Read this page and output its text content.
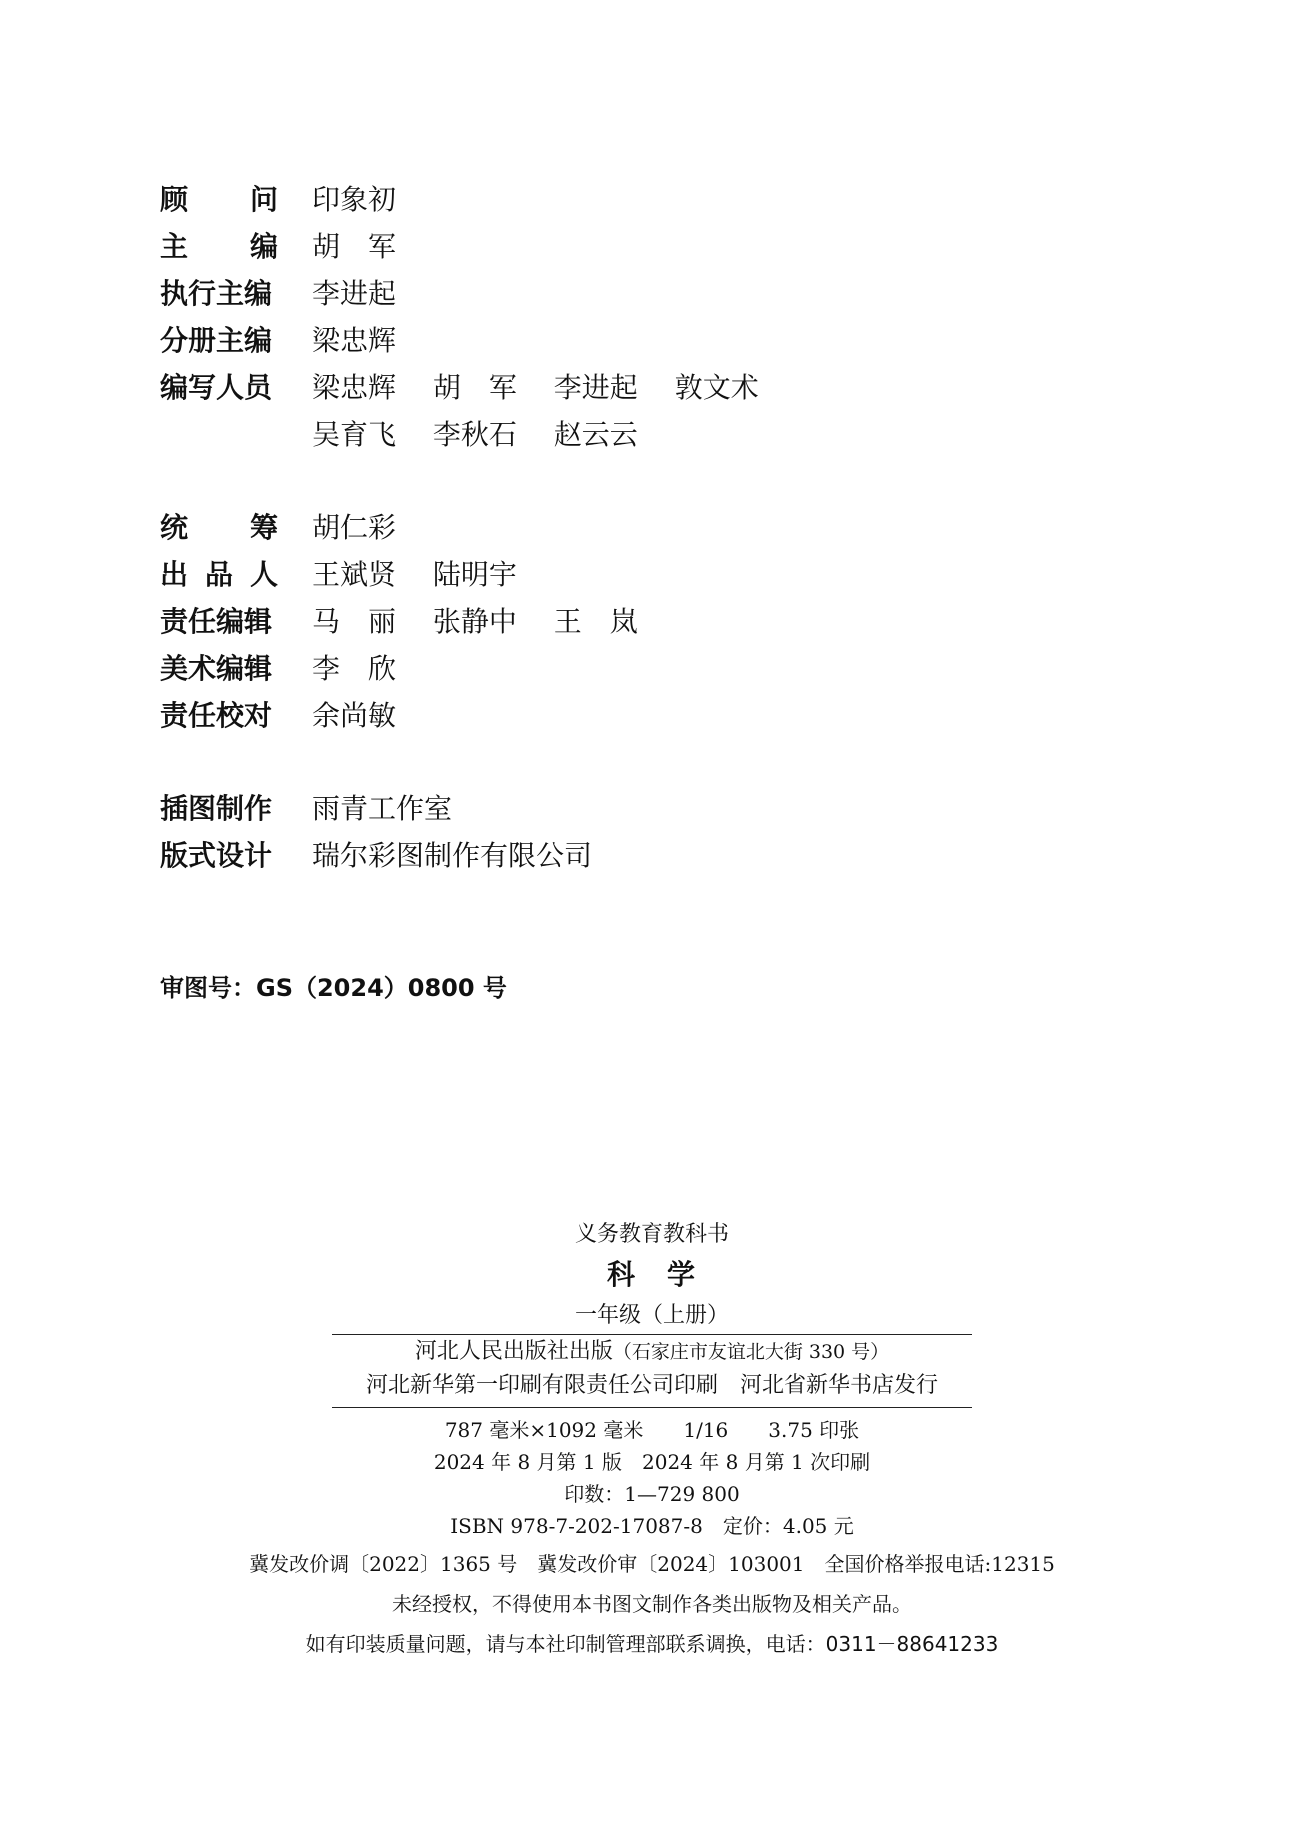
顾 问 印象初
主 编 胡　军
执行主编 李进起
分册主编 梁忠辉
编写人员 梁忠辉　 胡　军　 李进起　 敦文术
吴育飞　 李秋石　 赵云云
统 筹 胡仁彩
出 品 人 王斌贤　 陆明宇
责任编辑 马　丽　 张静中　 王　岚
美术编辑 李　欣
责任校对 余尚敏
插图制作 雨青工作室
版式设计 瑞尔彩图制作有限公司
审图号：GS（2024）0800 号
义务教育教科书
科　学
一年级（上册）
河北人民出版社出版（石家庄市友谊北大街 330 号）
河北新华第一印刷有限责任公司印刷　河北省新华书店发行
787 毫米×1092 毫米　　1/16　　3.75 印张
2024 年 8 月第 1 版　2024 年 8 月第 1 次印刷
印数：1—729 800
ISBN 978-7-202-17087-8　定价：4.05 元
冀发改价调〔2022〕1365 号　冀发改价审〔2024〕103001　全国价格举报电话:12315
未经授权，不得使用本书图文制作各类出版物及相关产品。
如有印装质量问题，请与本社印制管理部联系调换，电话：0311－88641233
